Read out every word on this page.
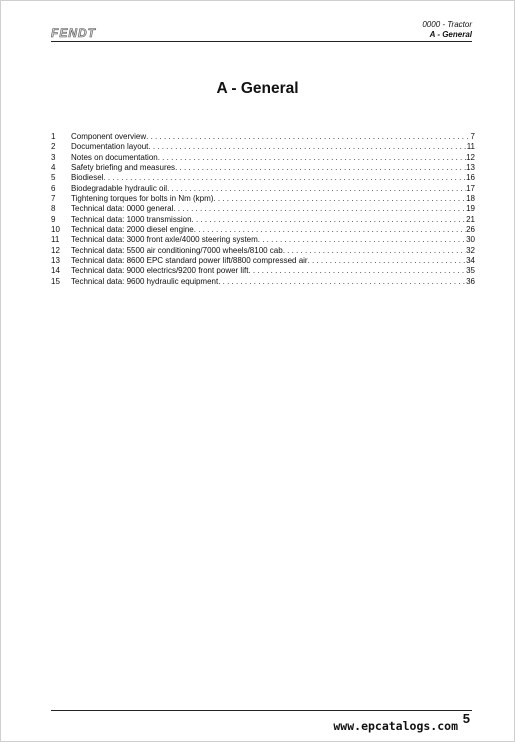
FENDT
0000 - Tractor
A - General
A - General
1	Component overview . . .	7
2	Documentation layout . . .	11
3	Notes on documentation . . .	12
4	Safety briefing and measures . . .	13
5	Biodiesel . . .	16
6	Biodegradable hydraulic oil . . .	17
7	Tightening torques for bolts in Nm (kpm) . . .	18
8	Technical data: 0000 general . . .	19
9	Technical data: 1000 transmission . . .	21
10	Technical data: 2000 diesel engine . . .	26
11	Technical data: 3000 front axle/4000 steering system . . .	30
12	Technical data: 5500 air conditioning/7000 wheels/8100 cab . . .	32
13	Technical data: 8600 EPC standard power lift/8800 compressed air . . .	34
14	Technical data: 9000 electrics/9200 front power lift . . .	35
15	Technical data: 9600 hydraulic equipment . . .	36
www.epcatalogs.com 5
